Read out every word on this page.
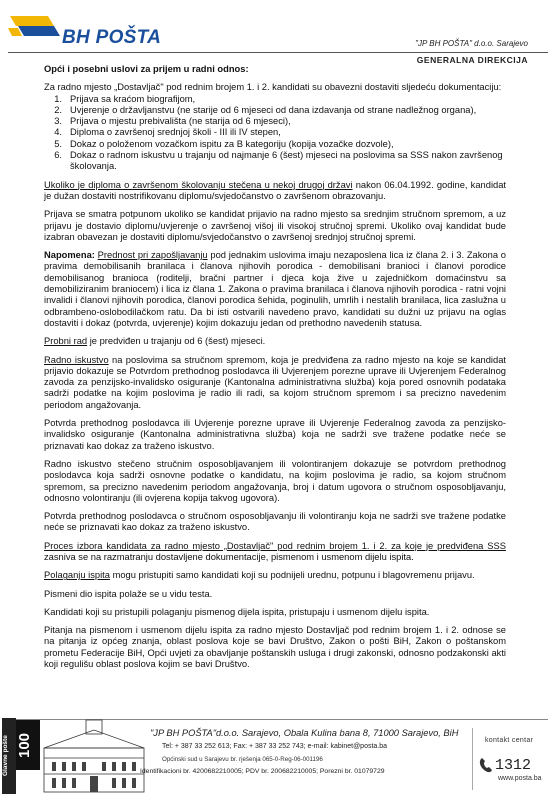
BH POŠTA	"JP BH POŠTA" d.o.o. Sarajevo
GENERALNA DIREKCIJA

Opći i posebni uslovi za prijem u radni odnos:

Za radno mjesto „Dostavljač" pod rednim brojem 1. i 2. kandidati su obavezni dostaviti sljedeću dokumentaciju:

1. Prijava sa kraćom biografijom,
2. Uvjerenje o državljanstvu (ne starije od 6 mjeseci od dana izdavanja od strane nadležnog organa),
3. Prijava o mjestu prebivališta (ne starija od 6 mjeseci),
4. Diploma o završenoj srednjoj školi - III ili IV stepen,
5. Dokaz o položenom vozačkom ispitu za B kategoriju (kopija vozačke dozvole),
6. Dokaz o radnom iskustvu u trajanju od najmanje 6 (šest) mjeseci na poslovima sa SSS nakon završenog školovanja.

Ukoliko je diploma o završenom školovanju stečena u nekoj drugoj državi nakon 06.04.1992. godine, kandidat je dužan dostaviti nostrifikovanu diplomu/svjedočanstvo o završenom obrazovanju.

Prijava se smatra potpunom ukoliko se kandidat prijavio na radno mjesto sa srednjim stručnom spremom, a uz prijavu je dostavio diplomu/uvjerenje o završenoj višoj ili visokoj stručnoj spremi. Ukoliko ovaj kandidat bude izabran obavezan je dostaviti diplomu/svjedočanstvo o završenoj srednjoj stručnoj spremi.

Napomena: Prednost pri zapošljavanju pod jednakim uslovima imaju nezaposlena lica iz člana 2. i 3. Zakona o pravima demobilisanih branilaca i članova njihovih porodica - demobilisani branioci i članovi porodice demobilisanog branioca (roditelji, bračni partner i djeca koja žive u zajedničkom domaćinstvu sa demobiliziranim braniocem) i lica iz člana 1. Zakona o pravima branilaca i članova njihovih porodica - ratni vojni invalidi i članovi njihovih porodica, članovi porodica šehida, poginulih, umrlih i nestalih branilaca, lica zaslužna u odbrambeno-oslobodilačkom ratu. Da bi isti ostvarili navedeno pravo, kandidati su dužni uz prijavu na oglas dostaviti i dokaz (potvrda, uvjerenje) kojim dokazuju jedan od prethodno navedenih statusa.

Probni rad je predviđen u trajanju od 6 (šest) mjeseci.

Radno iskustvo na poslovima sa stručnom spremom, koja je predviđena za radno mjesto na koje se kandidat prijavio dokazuje se Potvrdom prethodnog poslodavca ili Uvjerenjem porezne uprave ili Uvjerenjem Federalnog zavoda za penzijsko-invalidsko osiguranje (Kantonalna administrativna služba) koja pored osnovnih podataka sadrži podatke na kojim poslovima je radio ili radi, sa kojom stručnom spremom i sa precizno navedenim periodom angažovanja.

Potvrda prethodnog poslodavca ili Uvjerenje porezne uprave ili Uvjerenje Federalnog zavoda za penzijsko-invalidsko osiguranje (Kantonalna administrativna služba) koja ne sadrži sve tražene podatke neće se priznavati kao dokaz za traženo iskustvo.

Radno iskustvo stečeno stručnim osposobljavanjem ili volontiranjem dokazuje se potvrdom prethodnog poslodavca koja sadrži osnovne podatke o kandidatu, na kojim poslovima je radio, sa kojom stručnom spremom, sa precizno navedenim periodom angažovanja, broj i datum ugovora o stručnom osposobljavanju, odnosno volontiranju (ili ovjerena kopija takvog ugovora).

Potvrda prethodnog poslodavca o stručnom osposobljavanju ili volontiranju koja ne sadrži sve tražene podatke neće se priznavati kao dokaz za traženo iskustvo.

Proces izbora kandidata za radno mjesto „Dostavljač" pod rednim brojem 1. i 2. za koje je predviđena SSS zasniva se na razmatranju dostavljene dokumentacije, pismenom i usmenom dijelu ispita.

Polaganju ispita mogu pristupiti samo kandidati koji su podnijeli urednu, potpunu i blagovremenu prijavu.

Pismeni dio ispita polaže se u vidu testa.

Kandidati koji su pristupili polaganju pismenog dijela ispita, pristupaju i usmenom dijelu ispita.

Pitanja na pismenom i usmenom dijelu ispita za radno mjesto Dostavljač pod rednim brojem 1. i 2. odnose se na pitanja iz općeg znanja, oblast poslova koje se bavi Društvo, Zakon o pošti BiH, Zakon o poštanskom prometu Federacije BiH, Opći uvjeti za obavljanje poštanskih usluga i drugi zakonski, odnosno podzakonski akti koji regulišu oblast poslova kojim se bavi Društvo.

Glavne pošte 100	"JP BH POŠTA"d.o.o. Sarajevo, Obala Kulina bana 8, 71000 Sarajevo, BiH
Tel: + 387 33 252 613; Fax: + 387 33 252 743; e-mail: kabinet@posta.ba
Općinski sud u Sarajevu br. rješenja 065-0-Reg-06-001196
Identifikacioni br. 4200682210005; PDV br. 200682210005; Porezni br. 01079729
kontakt centar
1312
www.posta.ba
